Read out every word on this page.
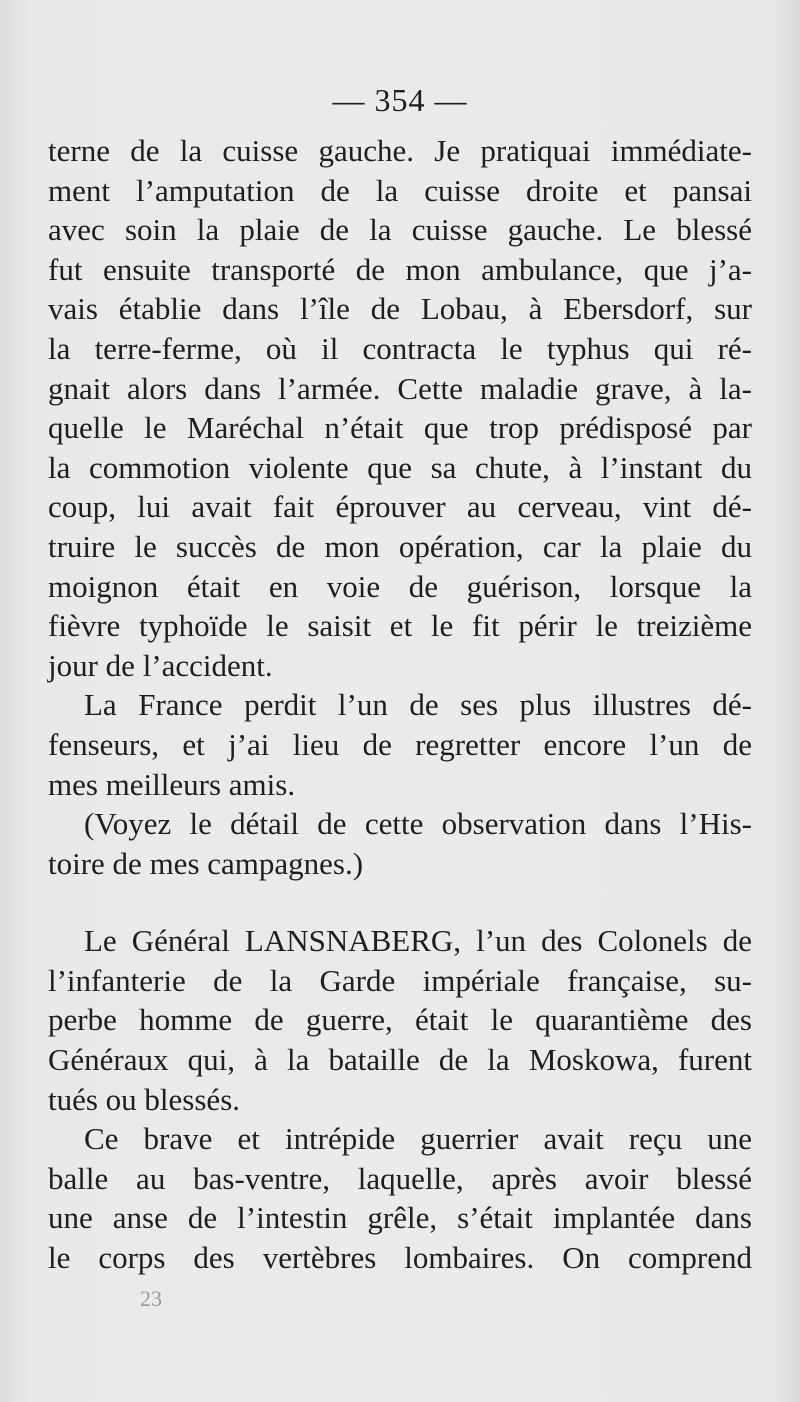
— 354 —
terne de la cuisse gauche. Je pratiquai immédiate-
ment l’amputation de la cuisse droite et pansai
avec soin la plaie de la cuisse gauche. Le blessé
fut ensuite transporté de mon ambulance, que j’a-
vais établie dans l’île de Lobau, à Ebersdorf, sur
la terre-ferme, où il contracta le typhus qui ré-
gnait alors dans l’armée. Cette maladie grave, à la-
quelle le Maréchal n’était que trop prédisposé par
la commotion violente que sa chute, à l’instant du
coup, lui avait fait éprouver au cerveau, vint dé-
truire le succès de mon opération, car la plaie du
moignon était en voie de guérison, lorsque la
fièvre typhoïde le saisit et le fit périr le treizième
jour de l’accident.
La France perdit l’un de ses plus illustres dé-
fenseurs, et j’ai lieu de regretter encore l’un de
mes meilleurs amis.
(Voyez le détail de cette observation dans l’His-
toire de mes campagnes.)
Le Général LANSNABERG, l’un des Colonels de
l’infanterie de la Garde impériale française, su-
perbe homme de guerre, était le quarantième des
Généraux qui, à la bataille de la Moskowa, furent
tués ou blessés.
Ce brave et intrépide guerrier avait reçu une
balle au bas-ventre, laquelle, après avoir blessé
une anse de l’intestin grêle, s’était implantée dans
le corps des vertèbres lombaires. On comprend
23
